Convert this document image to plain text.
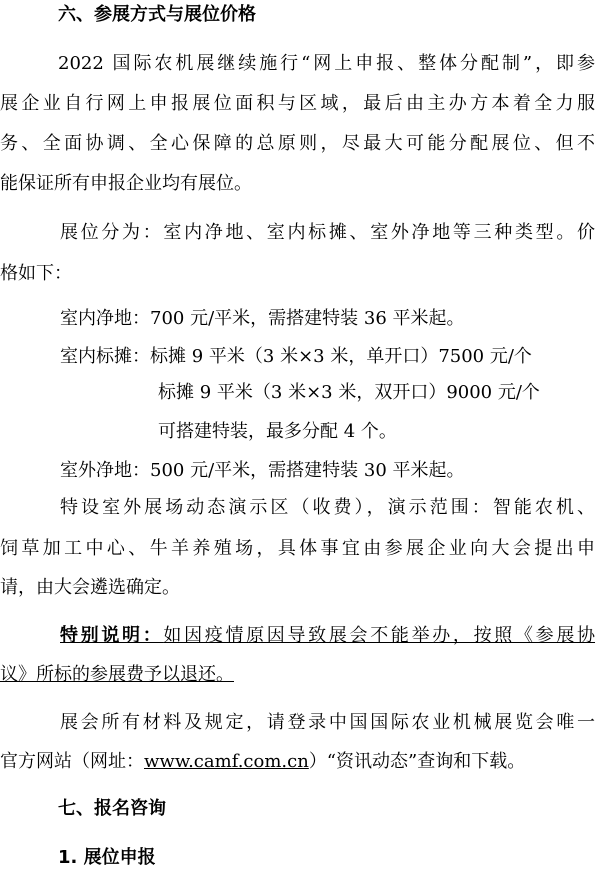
六、参展方式与展位价格
2022 国际农机展继续施行“网上申报、整体分配制”，即参
展企业自行网上申报展位面积与区域，最后由主办方本着全力服
务、全面协调、全心保障的总原则，尽最大可能分配展位、但不
能保证所有申报企业均有展位。
展位分为：室内净地、室内标摊、室外净地等三种类型。价
格如下：
室内净地：700 元/平米，需搭建特装 36 平米起。
室内标摊：标摊 9 平米（3 米×3 米，单开口）7500 元/个
标摊 9 平米（3 米×3 米，双开口）9000 元/个
可搭建特装，最多分配 4 个。
室外净地：500 元/平米，需搭建特装 30 平米起。
特设室外展场动态演示区（收费），演示范围：智能农机、
饲草加工中心、牛羊养殖场，具体事宜由参展企业向大会提出申
请，由大会遴选确定。
特别说明：如因疫情原因导致展会不能举办，按照《参展协
议》所标的参展费予以退还。
展会所有材料及规定，请登录中国国际农业机械展览会唯一
官方网站（网址：www.camf.com.cn）“资讯动态”查询和下载。
七、报名咨询
1. 展位申报
